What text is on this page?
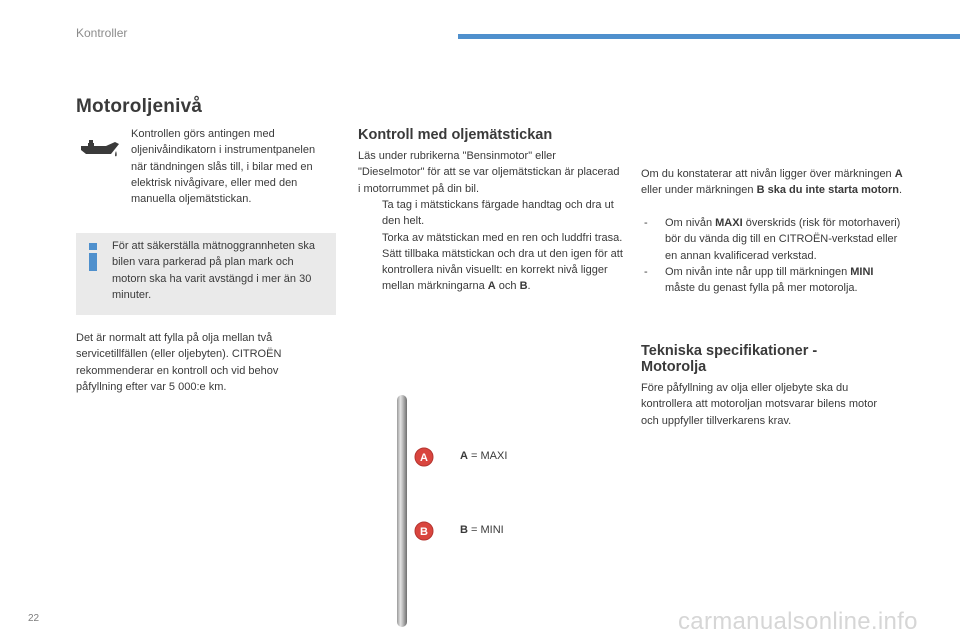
Kontroller
Motoroljenivå
Kontrollen görs antingen med oljenivåindikatorn i instrumentpanelen när tändningen slås till, i bilar med en elektrisk nivågivare, eller med den manuella oljemätstickan.
För att säkerställa mätnoggrannheten ska bilen vara parkerad på plan mark och motorn ska ha varit avstängd i mer än 30 minuter.
Det är normalt att fylla på olja mellan två servicetillfällen (eller oljebyten). CITROËN rekommenderar en kontroll och vid behov påfyllning efter var 5 000:e km.
Kontroll med oljemätstickan
Läs under rubrikerna "Bensinmotor" eller "Dieselmotor" för att se var oljemätstickan är placerad i motorrummet på din bil.
Ta tag i mätstickans färgade handtag och dra ut den helt.
Torka av mätstickan med en ren och luddfri trasa.
Sätt tillbaka mätstickan och dra ut den igen för att kontrollera nivån visuellt: en korrekt nivå ligger mellan märkningarna A och B.
Om du konstaterar att nivån ligger över märkningen A eller under märkningen B ska du inte starta motorn.
- Om nivån MAXI överskrids (risk för motorhaveri) bör du vända dig till en CITROËN-verkstad eller en annan kvalificerad verkstad.
- Om nivån inte når upp till märkningen MINI måste du genast fylla på mer motorolja.
Tekniska specifikationer - Motorolja
Före påfyllning av olja eller oljebyte ska du kontrollera att motoroljan motsvarar bilens motor och uppfyller tillverkarens krav.
A
B
A = MAXI
B = MINI
22	carmanualsonline.info
